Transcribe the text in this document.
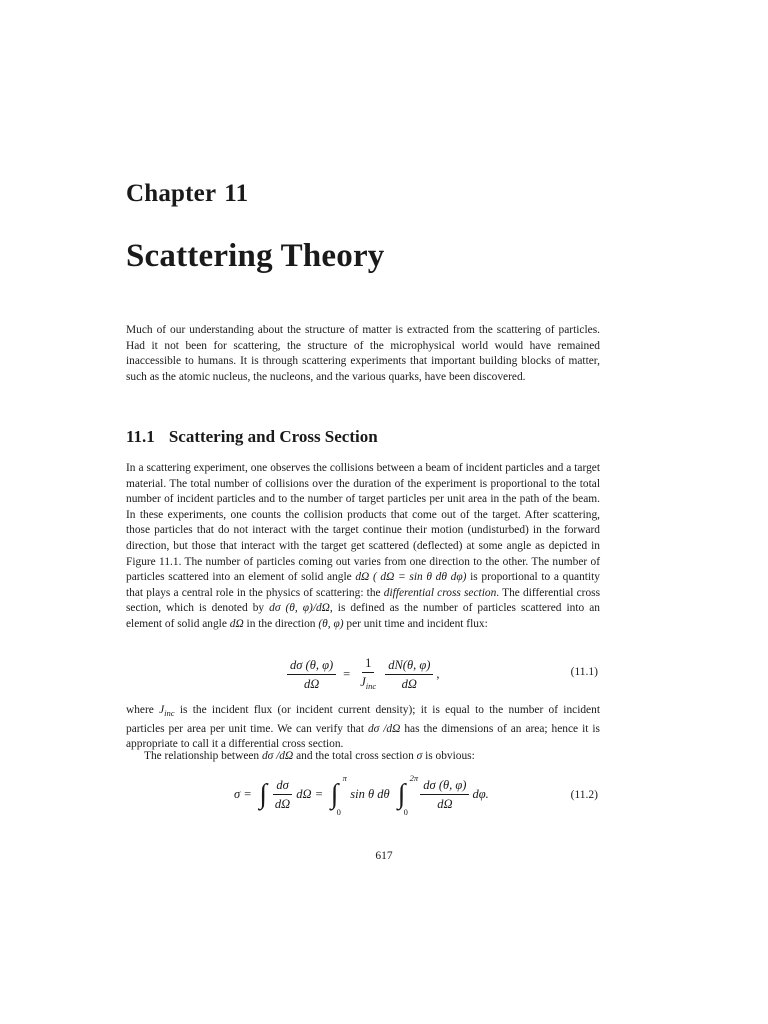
Chapter 11
Scattering Theory

Much of our understanding about the structure of matter is extracted from the scattering of particles. Had it not been for scattering, the structure of the microphysical world would have remained inaccessible to humans. It is through scattering experiments that important building blocks of matter, such as the atomic nucleus, the nucleons, and the various quarks, have been discovered.

11.1 Scattering and Cross Section

In a scattering experiment, one observes the collisions between a beam of incident particles and a target material. The total number of collisions over the duration of the experiment is proportional to the total number of incident particles and to the number of target particles per unit area in the path of the beam. In these experiments, one counts the collision products that come out of the target. After scattering, those particles that do not interact with the target continue their motion (undisturbed) in the forward direction, but those that interact with the target get scattered (deflected) at some angle as depicted in Figure 11.1. The number of particles coming out varies from one direction to the other. The number of particles scattered into an element of solid angle dΩ ( dΩ = sin θ dθ dφ) is proportional to a quantity that plays a central role in the physics of scattering: the differential cross section. The differential cross section, which is denoted by dσ (θ, φ)/dΩ, is defined as the number of particles scattered into an element of solid angle dΩ in the direction (θ, φ) per unit time and incident flux:

$\frac{d\sigma (\theta, \varphi)}{d\Omega} = \frac{1}{J_{inc}} \frac{dN(\theta, \varphi)}{d\Omega}$ ,	(11.1)

where $J_{inc}$ is the incident flux (or incident current density); it is equal to the number of incident particles per area per unit time. We can verify that dσ /dΩ has the dimensions of an area; hence it is appropriate to call it a differential cross section.

The relationship between dσ /dΩ and the total cross section σ is obvious:

σ = ∫ $\frac{d\sigma}{d\Omega}$ dΩ = ∫
π
0
sin θ dθ ∫
2π
0
$\frac{d\sigma (\theta, \varphi)}{d\Omega} d\varphi$.	(11.2)
617
